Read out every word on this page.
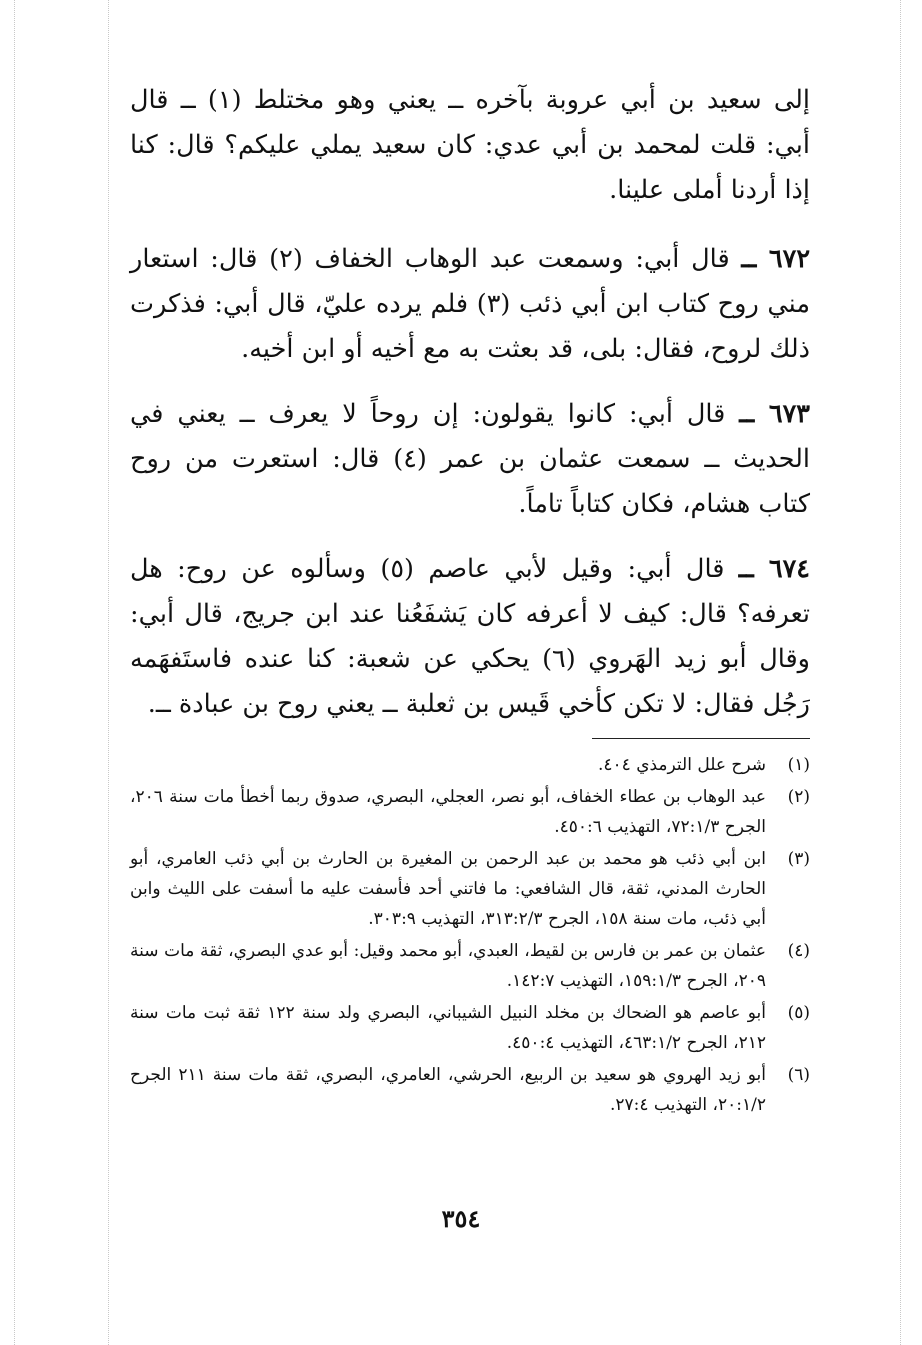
إلى سعيد بن أبي عروبة بآخره ــ يعني وهو مختلط (١) ــ قال أبي: قلت لمحمد بن أبي عدي: كان سعيد يملي عليكم؟ قال: كنا إذا أردنا أملى علينا.

٦٧٢ ــ قال أبي: وسمعت عبد الوهاب الخفاف (٢) قال: استعار مني روح كتاب ابن أبي ذئب (٣) فلم يرده عليّ، قال أبي: فذكرت ذلك لروح، فقال: بلى، قد بعثت به مع أخيه أو ابن أخيه.

٦٧٣ ــ قال أبي: كانوا يقولون: إن روحاً لا يعرف ــ يعني في الحديث ــ سمعت عثمان بن عمر (٤) قال: استعرت من روح كتاب هشام، فكان كتاباً تاماً.

٦٧٤ ــ قال أبي: وقيل لأبي عاصم (٥) وسألوه عن روح: هل تعرفه؟ قال: كيف لا أعرفه كان يَشفَعُنا عند ابن جريج، قال أبي: وقال أبو زيد الهَروي (٦) يحكي عن شعبة: كنا عنده فاستَفهَمه رَجُل فقال: لا تكن كأخي قَيس بن ثعلبة ــ يعني روح بن عبادة ــ.

(١)
شرح علل الترمذي ٤٠٤.
(٢)
عبد الوهاب بن عطاء الخفاف، أبو نصر، العجلي، البصري، صدوق ربما أخطأ مات سنة ٢٠٦، الجرح ٧٢:١/٣، التهذيب ٤٥٠:٦.
(٣)
ابن أبي ذئب هو محمد بن عبد الرحمن بن المغيرة بن الحارث بن أبي ذئب العامري، أبو الحارث المدني، ثقة، قال الشافعي: ما فاتني أحد فأسفت عليه ما أسفت على الليث وابن أبي ذئب، مات سنة ١٥٨، الجرح ٣١٣:٢/٣، التهذيب ٣٠٣:٩.
(٤)
عثمان بن عمر بن فارس بن لقيط، العبدي، أبو محمد وقيل: أبو عدي البصري، ثقة مات سنة ٢٠٩، الجرح ١٥٩:١/٣، التهذيب ١٤٢:٧.
(٥)
أبو عاصم هو الضحاك بن مخلد النبيل الشيباني، البصري ولد سنة ١٢٢ ثقة ثبت مات سنة ٢١٢، الجرح ٤٦٣:١/٢، التهذيب ٤٥٠:٤.
(٦)
أبو زيد الهروي هو سعيد بن الربيع، الحرشي، العامري، البصري، ثقة مات سنة ٢١١ الجرح ٢٠:١/٢، التهذيب ٢٧:٤.
٣٥٤
